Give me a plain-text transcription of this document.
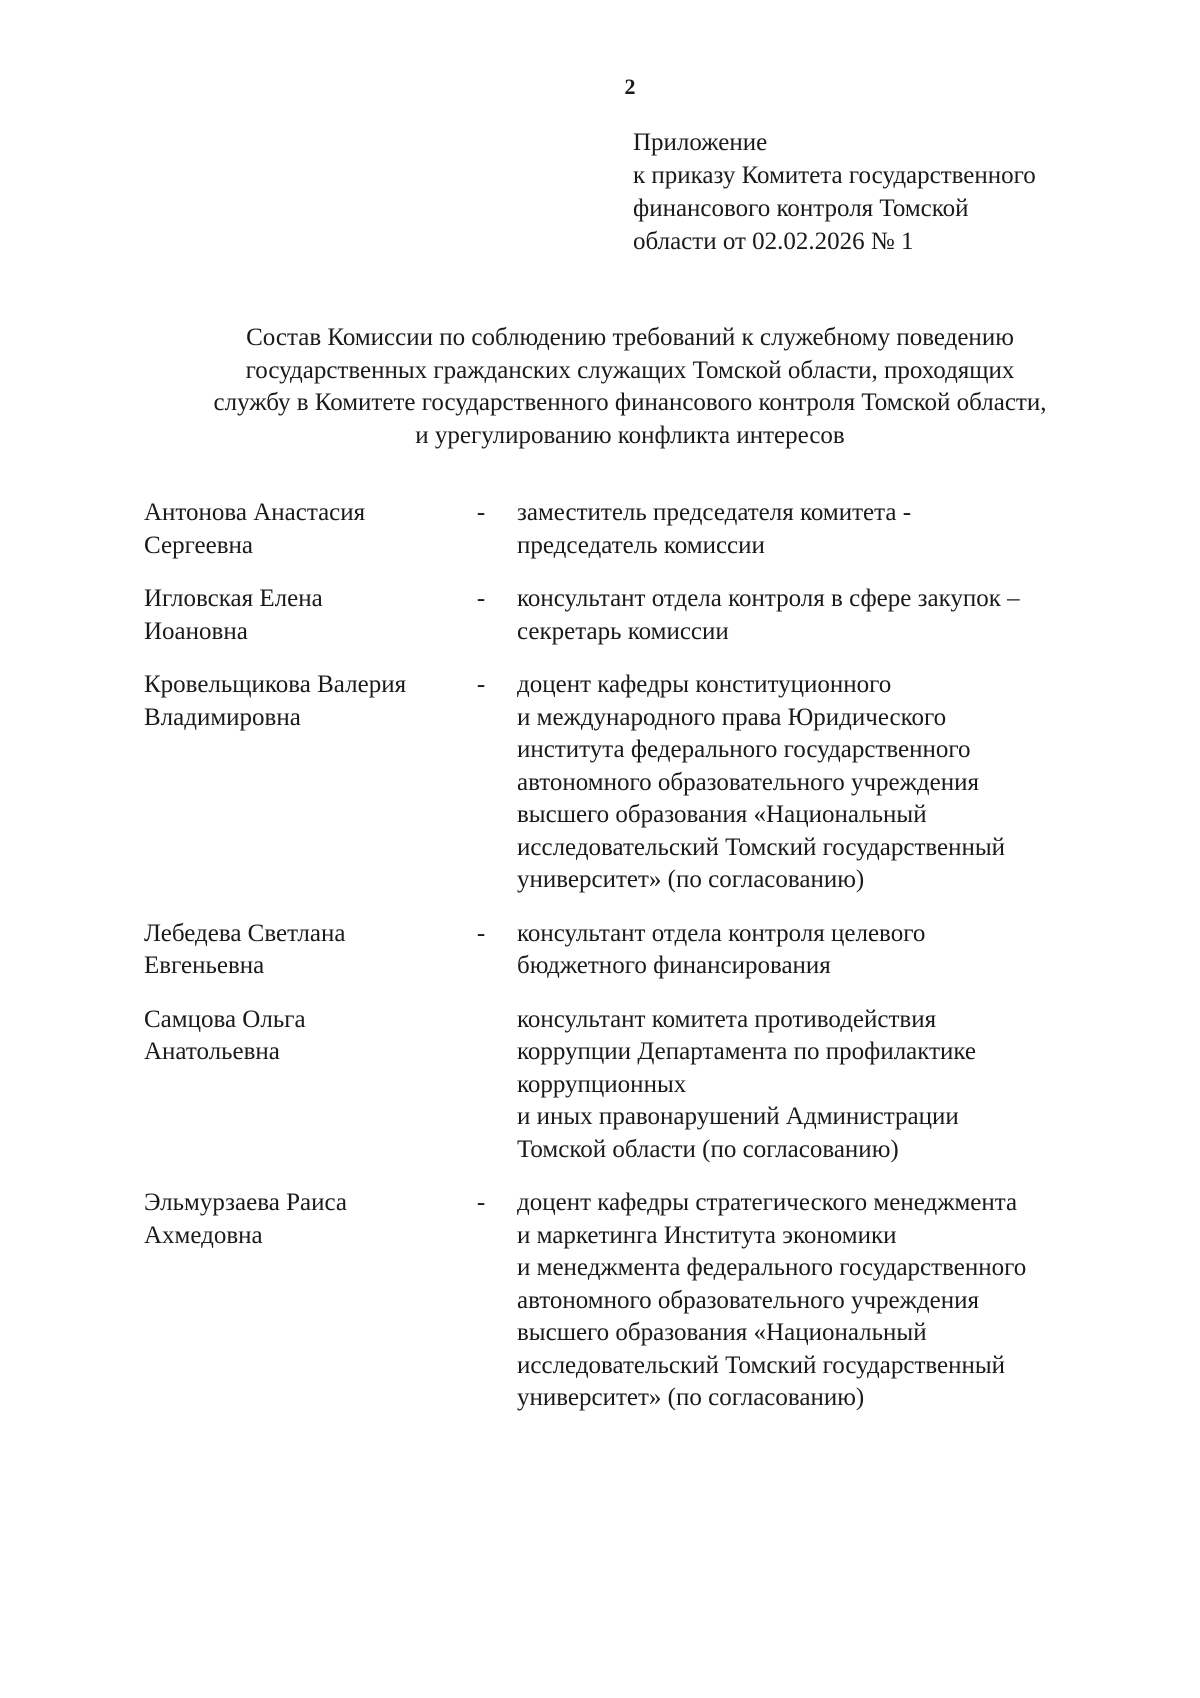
2
Приложение
к приказу Комитета государственного
финансового контроля Томской
области от 02.02.2026 № 1
Состав Комиссии по соблюдению требований к служебному поведению
государственных гражданских служащих Томской области, проходящих
службу в Комитете государственного финансового контроля Томской области,
и урегулированию конфликта интересов
Антонова Анастасия
Сергеевна
- заместитель председателя комитета -
председатель комиссии
Игловская Елена
Иоановна
- консультант отдела контроля в сфере закупок –
секретарь комиссии
Кровельщикова Валерия
Владимировна
- доцент кафедры конституционного
и международного права Юридического
института федерального государственного
автономного образовательного учреждения
высшего образования «Национальный
исследовательский Томский государственный
университет» (по согласованию)
Лебедева Светлана
Евгеньевна
- консультант отдела контроля целевого
бюджетного финансирования
Самцова Ольга
Анатольевна
консультант комитета противодействия
коррупции Департамента по профилактике
коррупционных
и иных правонарушений Администрации
Томской области (по согласованию)
Эльмурзаева Раиса
Ахмедовна
- доцент кафедры стратегического менеджмента
и маркетинга Института экономики
и менеджмента федерального государственного
автономного образовательного учреждения
высшего образования «Национальный
исследовательский Томский государственный
университет» (по согласованию)
